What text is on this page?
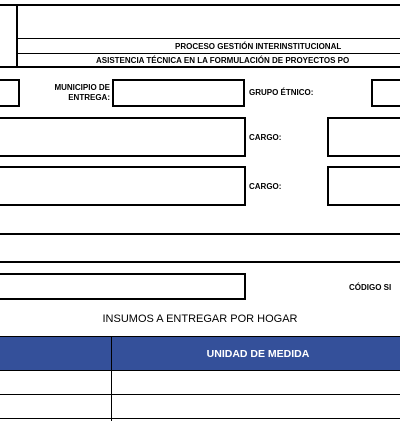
PROCESO GESTIÓN INTERINSTITUCIONAL
ASISTENCIA TÉCNICA EN LA FORMULACIÓN DE PROYECTOS PO
MUNICIPIO DE
ENTREGA:
GRUPO ÉTNICO:
CARGO:
CARGO:
CÓDIGO SI
INSUMOS A ENTREGAR POR HOGAR
UNIDAD DE MEDIDA
